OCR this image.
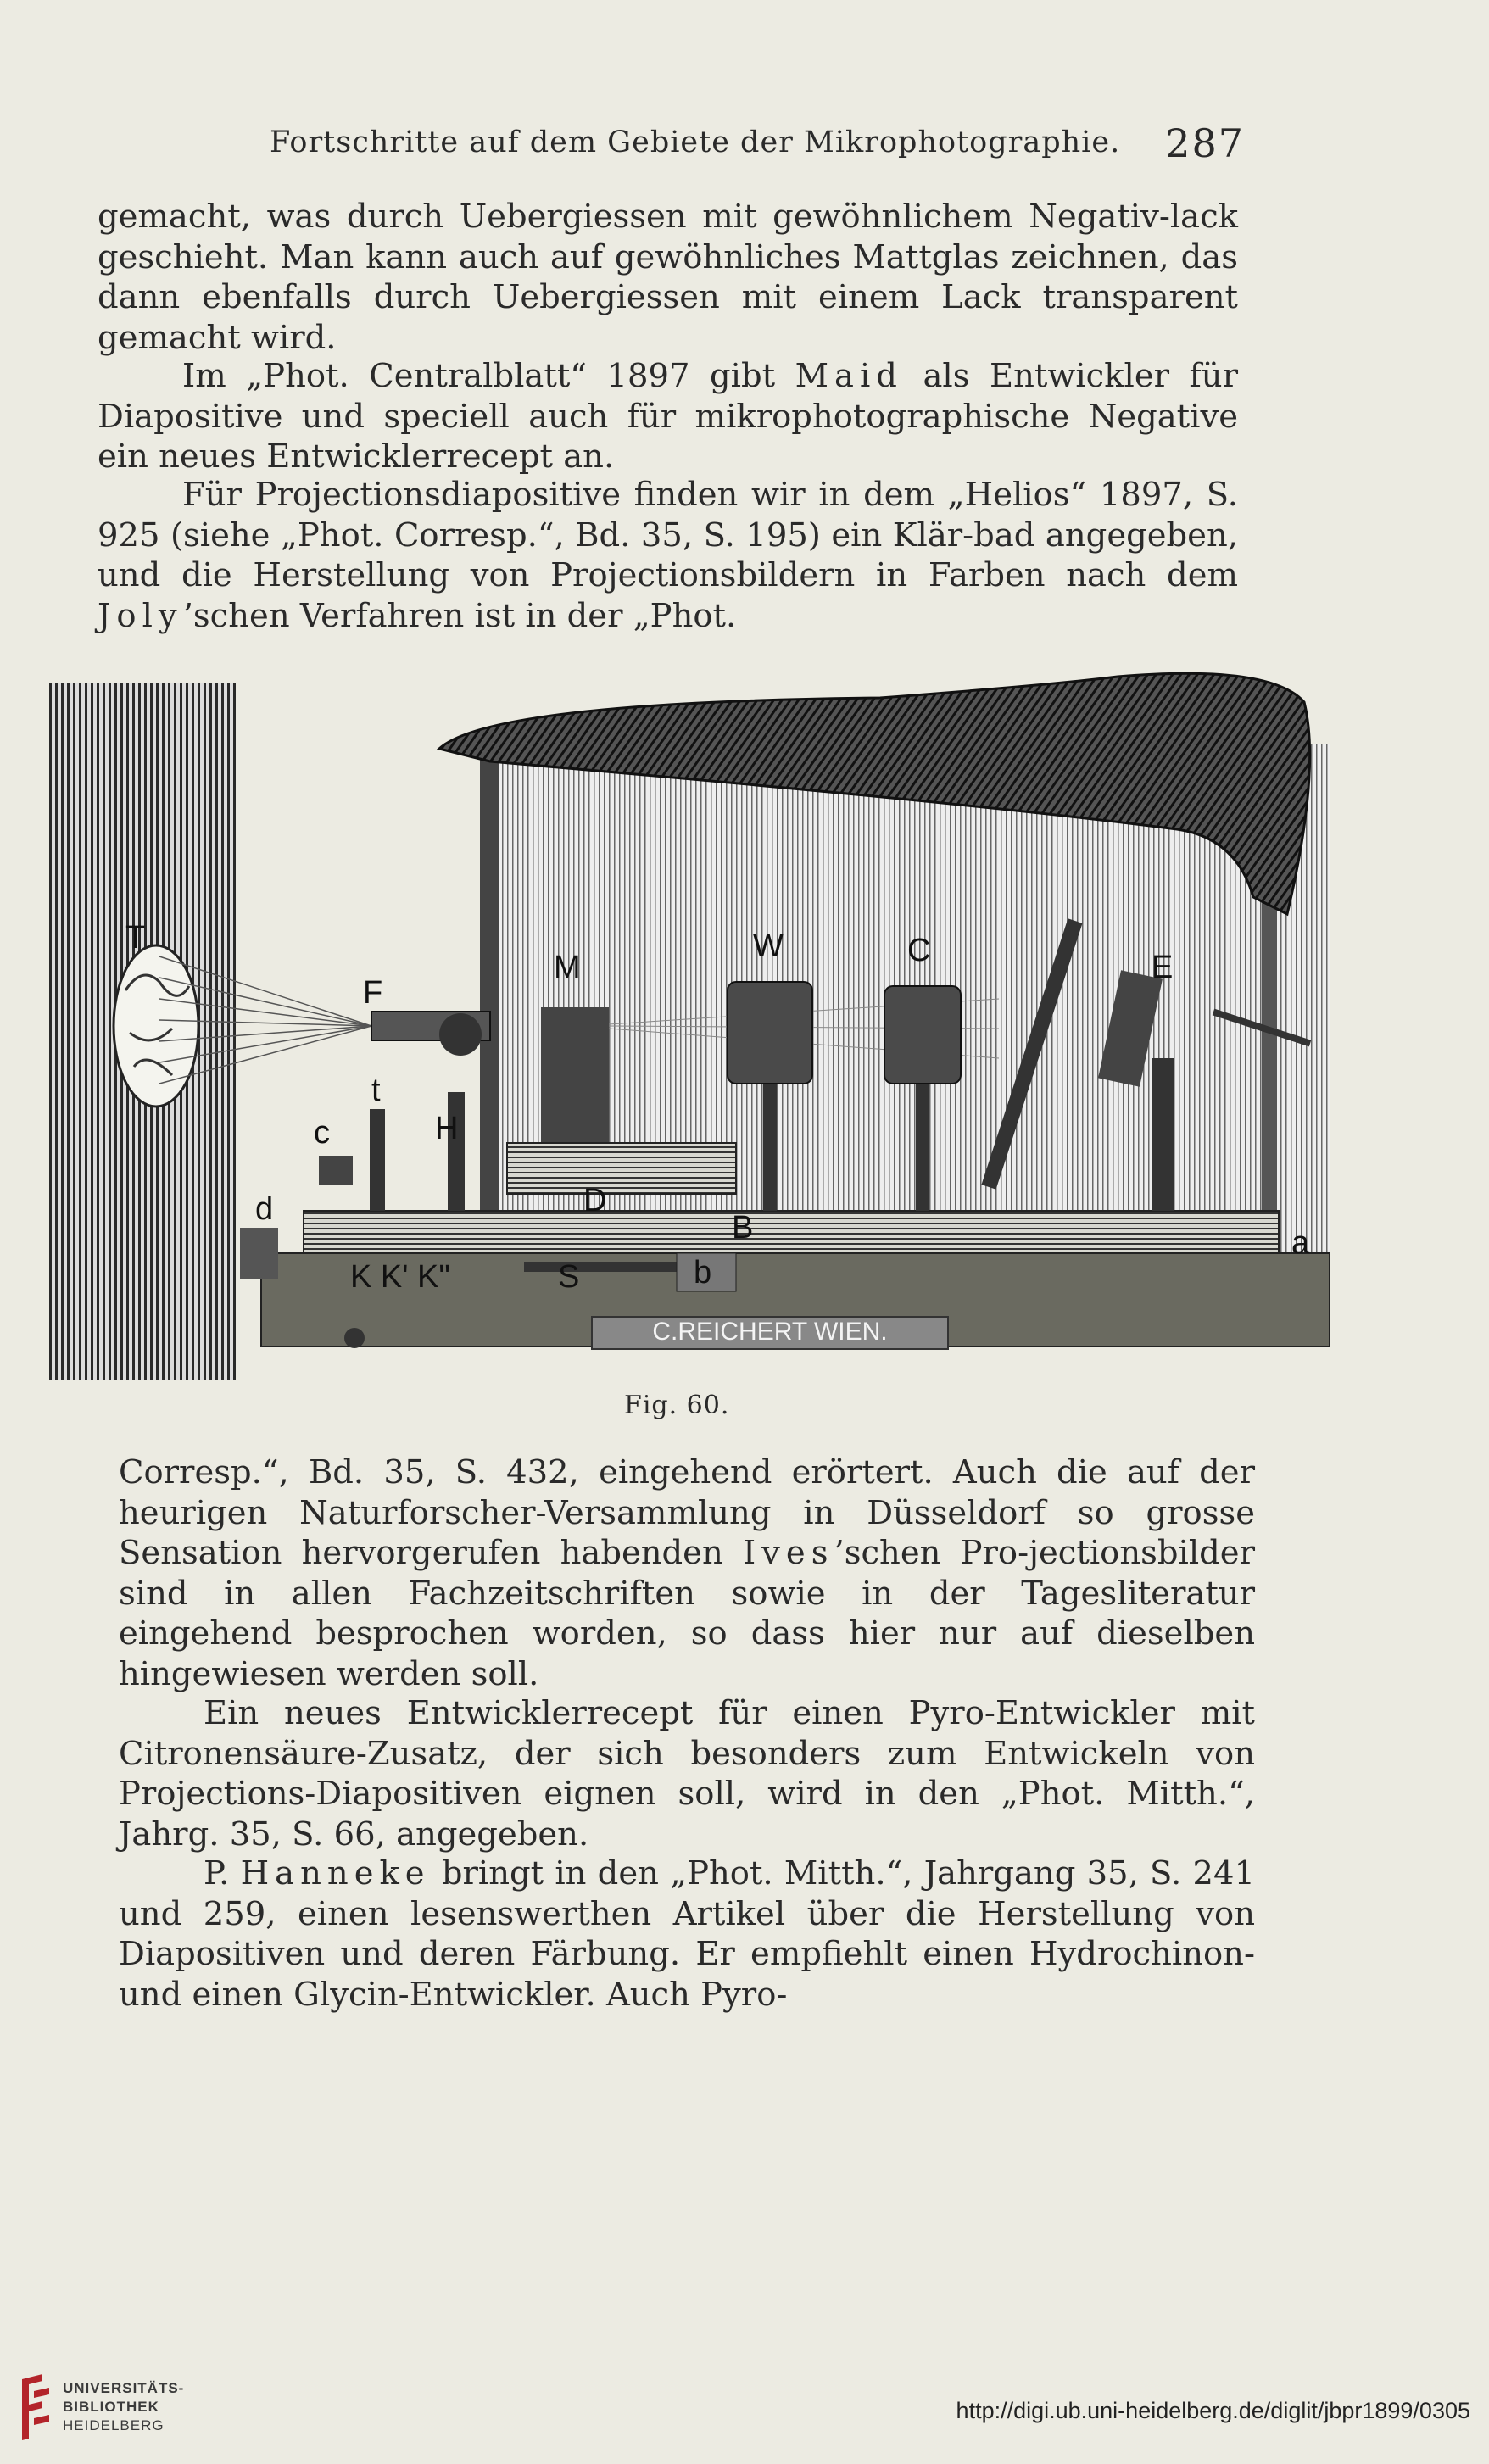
Fortschritte auf dem Gebiete der Mikrophotographie. 287

gemacht, was durch Uebergiessen mit gewöhnlichem Negativ-lack geschieht. Man kann auch auf gewöhnliches Mattglas zeichnen, das dann ebenfalls durch Uebergiessen mit einem Lack transparent gemacht wird.

Im „Phot. Centralblatt“ 1897 gibt Maid als Entwickler für Diapositive und speciell auch für mikrophotographische Negative ein neues Entwicklerrecept an.

Für Projectionsdiapositive finden wir in dem „Helios“ 1897, S. 925 (siehe „Phot. Corresp.“, Bd. 35, S. 195) ein Klär-bad angegeben, und die Herstellung von Projectionsbildern in Farben nach dem Joly’schen Verfahren ist in der „Phot.

C.REICHERT WIEN.
T
F
M
W	C	E
t
c
d
H
D
B	a
b
S
K K' K"
Fig. 60.

Corresp.“, Bd. 35, S. 432, eingehend erörtert. Auch die auf der heurigen Naturforscher-Versammlung in Düsseldorf so grosse Sensation hervorgerufen habenden Ives’schen Pro-jectionsbilder sind in allen Fachzeitschriften sowie in der Tagesliteratur eingehend besprochen worden, so dass hier nur auf dieselben hingewiesen werden soll.

Ein neues Entwicklerrecept für einen Pyro-Entwickler mit Citronensäure-Zusatz, der sich besonders zum Entwickeln von Projections-Diapositiven eignen soll, wird in den „Phot. Mitth.“, Jahrg. 35, S. 66, angegeben.

P. Hanneke bringt in den „Phot. Mitth.“, Jahrgang 35, S. 241 und 259, einen lesenswerthen Artikel über die Herstellung von Diapositiven und deren Färbung. Er empfiehlt einen Hydrochinon- und einen Glycin-Entwickler. Auch Pyro-

UNIVERSITÄTS-
BIBLIOTHEK
HEIDELBERG
http://digi.ub.uni-heidelberg.de/diglit/jbpr1899/0305
